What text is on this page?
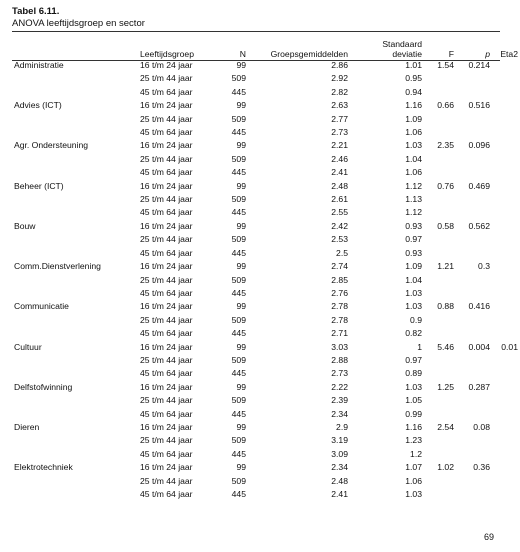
Tabel 6.11.
ANOVA leeftijdsgroep en sector
	Leeftijdsgroep	N	Groepsgemiddelden	Standaard
deviatie	F	p	Eta2
Administratie	16 t/m 24 jaar	99	2.86	1.01	1.54	0.214	
	25 t/m 44 jaar	509	2.92	0.95			
	45 t/m 64 jaar	445	2.82	0.94			
Advies (ICT)	16 t/m 24 jaar	99	2.63	1.16	0.66	0.516	
	25 t/m 44 jaar	509	2.77	1.09			
	45 t/m 64 jaar	445	2.73	1.06			
Agr. Ondersteuning	16 t/m 24 jaar	99	2.21	1.03	2.35	0.096	
	25 t/m 44 jaar	509	2.46	1.04			
	45 t/m 64 jaar	445	2.41	1.06			
Beheer (ICT)	16 t/m 24 jaar	99	2.48	1.12	0.76	0.469	
	25 t/m 44 jaar	509	2.61	1.13			
	45 t/m 64 jaar	445	2.55	1.12			
Bouw	16 t/m 24 jaar	99	2.42	0.93	0.58	0.562	
	25 t/m 44 jaar	509	2.53	0.97			
	45 t/m 64 jaar	445	2.5	0.93			
Comm.Dienstverlening	16 t/m 24 jaar	99	2.74	1.09	1.21	0.3	
	25 t/m 44 jaar	509	2.85	1.04			
	45 t/m 64 jaar	445	2.76	1.03			
Communicatie	16 t/m 24 jaar	99	2.78	1.03	0.88	0.416	
	25 t/m 44 jaar	509	2.78	0.9			
	45 t/m 64 jaar	445	2.71	0.82			
Cultuur	16 t/m 24 jaar	99	3.03	1	5.46	0.004	0.01
	25 t/m 44 jaar	509	2.88	0.97			
	45 t/m 64 jaar	445	2.73	0.89			
Delfstofwinning	16 t/m 24 jaar	99	2.22	1.03	1.25	0.287	
	25 t/m 44 jaar	509	2.39	1.05			
	45 t/m 64 jaar	445	2.34	0.99			
Dieren	16 t/m 24 jaar	99	2.9	1.16	2.54	0.08	
	25 t/m 44 jaar	509	3.19	1.23			
	45 t/m 64 jaar	445	3.09	1.2			
Elektrotechniek	16 t/m 24 jaar	99	2.34	1.07	1.02	0.36	
	25 t/m 44 jaar	509	2.48	1.06			
	45 t/m 64 jaar	445	2.41	1.03			
69
